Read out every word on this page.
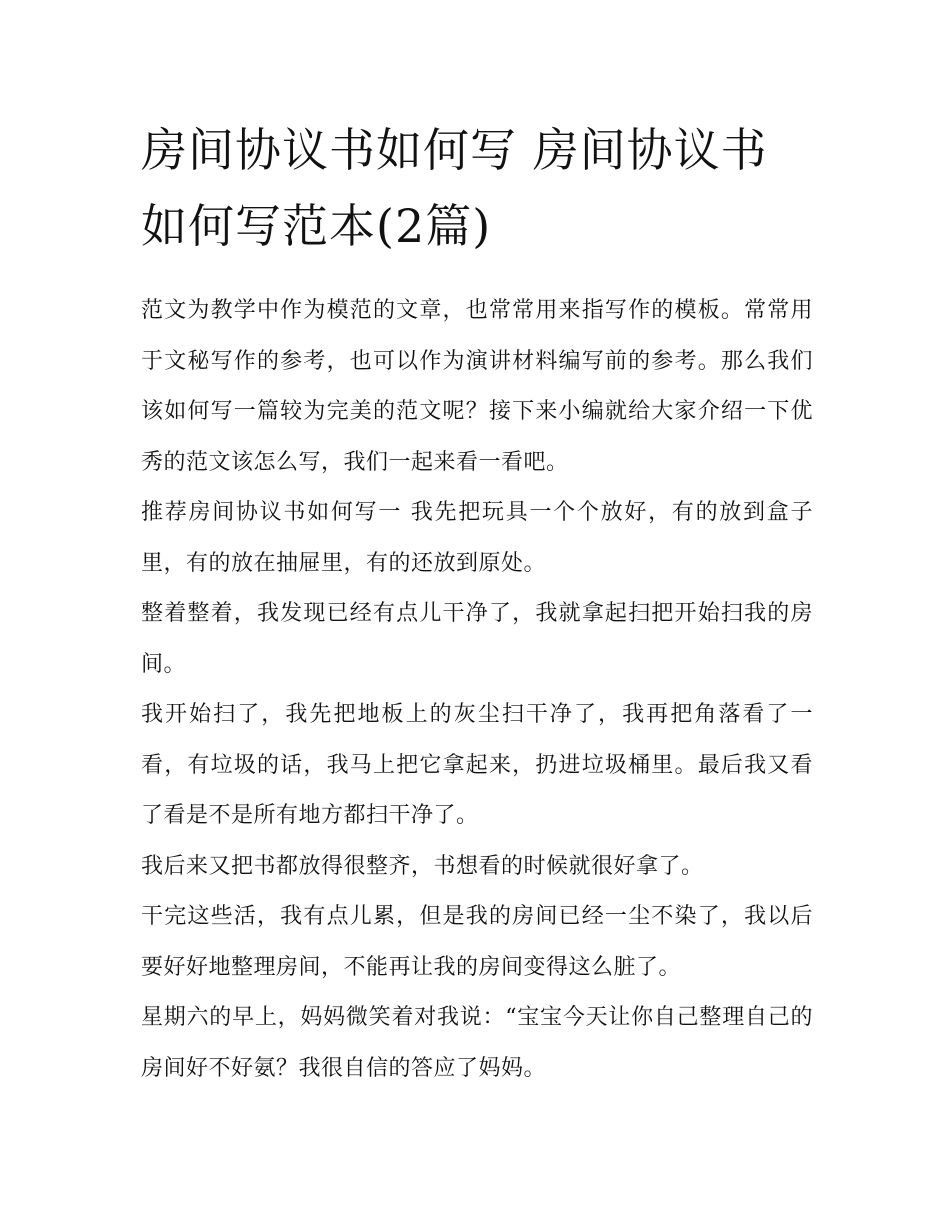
房间协议书如何写 房间协议书如何写范本(2篇)

范文为教学中作为模范的文章，也常常用来指写作的模板。常常用于文秘写作的参考，也可以作为演讲材料编写前的参考。那么我们该如何写一篇较为完美的范文呢？接下来小编就给大家介绍一下优秀的范文该怎么写，我们一起来看一看吧。

推荐房间协议书如何写一 我先把玩具一个个放好，有的放到盒子里，有的放在抽屉里，有的还放到原处。

整着整着，我发现已经有点儿干净了，我就拿起扫把开始扫我的房间。

我开始扫了，我先把地板上的灰尘扫干净了，我再把角落看了一看，有垃圾的话，我马上把它拿起来，扔进垃圾桶里。最后我又看了看是不是所有地方都扫干净了。

我后来又把书都放得很整齐，书想看的时候就很好拿了。

干完这些活，我有点儿累，但是我的房间已经一尘不染了，我以后要好好地整理房间，不能再让我的房间变得这么脏了。

星期六的早上，妈妈微笑着对我说：“宝宝今天让你自己整理自己的房间好不好氨？我很自信的答应了妈妈。
